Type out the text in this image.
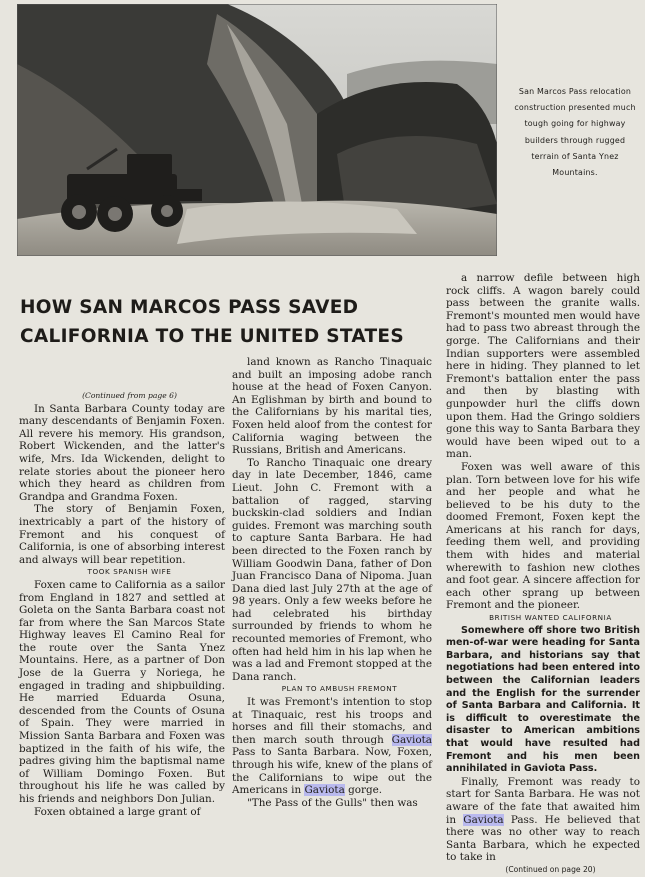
San Marcos Pass relocation construction presented much tough going for highway builders through rugged terrain of Santa Ynez Mountains.
HOW SAN MARCOS PASS SAVED
CALIFORNIA TO THE UNITED STATES

(Continued from page 6)

In Santa Barbara County today are many descendants of Benjamin Foxen. All revere his memory. His grandson, Robert Wickenden, and the latter's wife, Mrs. Ida Wickenden, delight to relate stories about the pioneer hero which they heard as children from Grandpa and Grandma Foxen.

The story of Benjamin Foxen, inextricably a part of the history of Fremont and his conquest of California, is one of absorbing interest and always will bear repetition.

TOOK SPANISH WIFE

Foxen came to California as a sailor from England in 1827 and settled at Goleta on the Santa Barbara coast not far from where the San Marcos State Highway leaves El Camino Real for the route over the Santa Ynez Mountains. Here, as a partner of Don Jose de la Guerra y Noriega, he engaged in trading and shipbuilding. He married Eduarda Osuna, descended from the Counts of Osuna of Spain. They were married in Mission Santa Barbara and Foxen was baptized in the faith of his wife, the padres giving him the baptismal name of William Domingo Foxen. But throughout his life he was called by his friends and neighbors Don Julian.

Foxen obtained a large grant of

land known as Rancho Tinaquaic and built an imposing adobe ranch house at the head of Foxen Canyon. An Eglishman by birth and bound to the Californians by his marital ties, Foxen held aloof from the contest for California waging between the Russians, British and Americans.

To Rancho Tinaquaic one dreary day in late December, 1846, came Lieut. John C. Fremont with a battalion of ragged, starving buckskin-clad soldiers and Indian guides. Fremont was marching south to capture Santa Barbara. He had been directed to the Foxen ranch by William Goodwin Dana, father of Don Juan Francisco Dana of Nipoma. Juan Dana died last July 27th at the age of 98 years. Only a few weeks before he had celebrated his birthday surrounded by friends to whom he recounted memories of Fremont, who often had held him in his lap when he was a lad and Fremont stopped at the Dana ranch.

PLAN TO AMBUSH FREMONT

It was Fremont's intention to stop at Tinaquaic, rest his troops and horses and fill their stomachs, and then march south through Gaviota Pass to Santa Barbara. Now, Foxen, through his wife, knew of the plans of the Californians to wipe out the Americans in Gaviota gorge.

"The Pass of the Gulls" then was

a narrow defile between high rock cliffs. A wagon barely could pass between the granite walls. Fremont's mounted men would have had to pass two abreast through the gorge. The Californians and their Indian supporters were assembled here in hiding. They planned to let Fremont's battalion enter the pass and then by blasting with gunpowder hurl the cliffs down upon them. Had the Gringo soldiers gone this way to Santa Barbara they would have been wiped out to a man.

Foxen was well aware of this plan. Torn between love for his wife and her people and what he believed to be his duty to the doomed Fremont, Foxen kept the Americans at his ranch for days, feeding them well, and providing them with hides and material wherewith to fashion new clothes and foot gear. A sincere affection for each other sprang up between Fremont and the pioneer.

BRITISH WANTED CALIFORNIA

Somewhere off shore two British men-of-war were heading for Santa Barbara, and historians say that negotiations had been entered into between the Californian leaders and the English for the surrender of Santa Barbara and California. It is difficult to overestimate the disaster to American ambitions that would have resulted had Fremont and his men been annihilated in Gaviota Pass.

Finally, Fremont was ready to start for Santa Barbara. He was not aware of the fate that awaited him in Gaviota Pass. He believed that there was no other way to reach Santa Barbara, which he expected to take in

(Continued on page 20)
